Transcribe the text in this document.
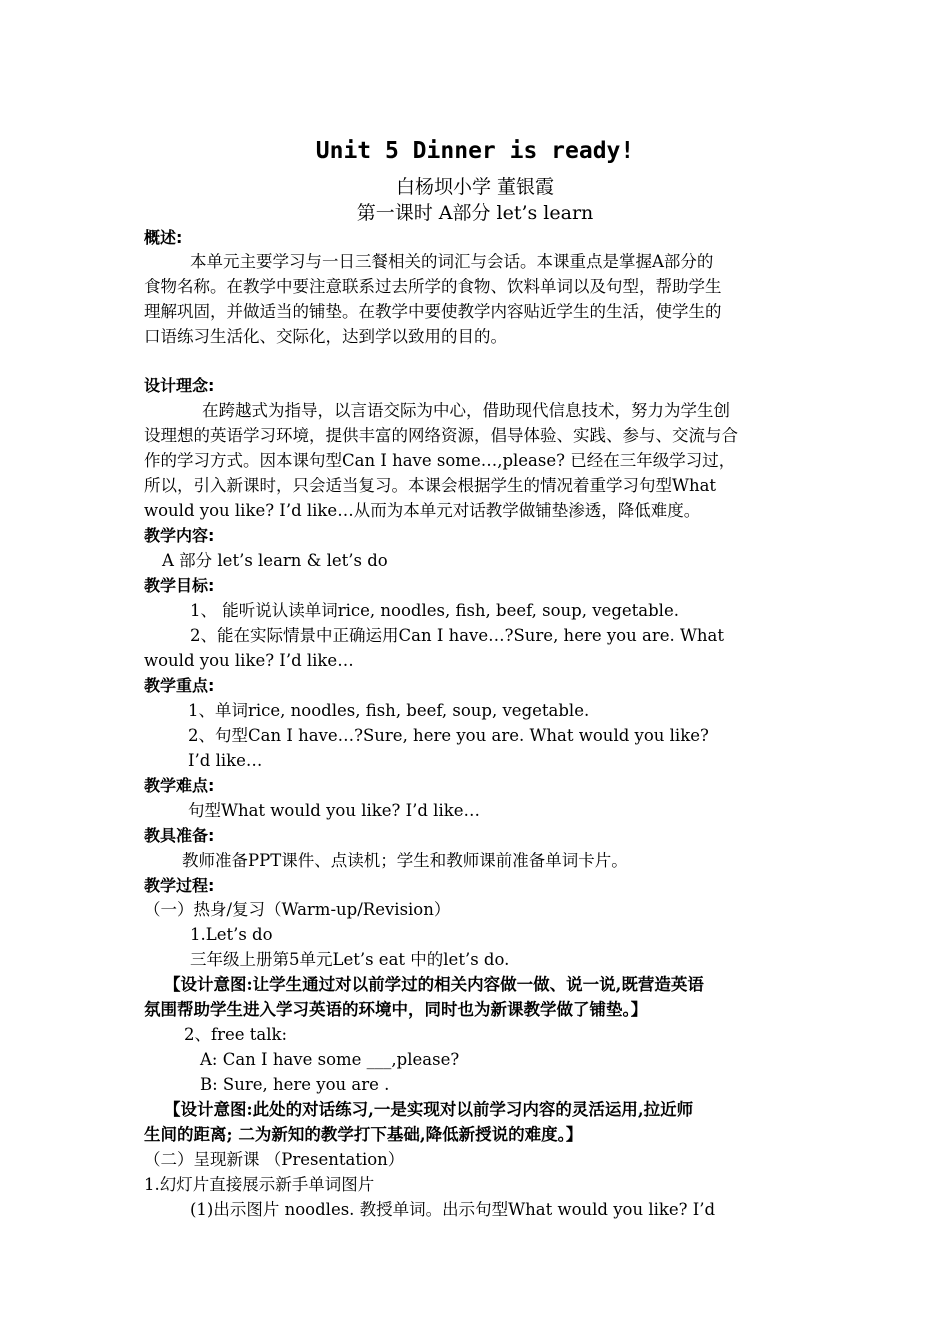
Unit 5 Dinner is ready!
白杨坝小学 董银霞
第一课时 A部分 let’s learn
概述:
本单元主要学习与一日三餐相关的词汇与会话。本课重点是掌握A部分的
食物名称。在教学中要注意联系过去所学的食物、饮料单词以及句型，帮助学生
理解巩固，并做适当的铺垫。在教学中要使教学内容贴近学生的生活，使学生的
口语练习生活化、交际化，达到学以致用的目的。
设计理念:
在跨越式为指导，以言语交际为中心，借助现代信息技术，努力为学生创
设理想的英语学习环境，提供丰富的网络资源，倡导体验、实践、参与、交流与合
作的学习方式。因本课句型Can I have some…,please? 已经在三年级学习过，
所以，引入新课时，只会适当复习。本课会根据学生的情况着重学习句型What
would you like? I’d like…从而为本单元对话教学做铺垫渗透，降低难度。
教学内容:
A 部分 let’s learn & let’s do
教学目标:
1、 能听说认读单词rice, noodles, fish, beef, soup, vegetable.
2、能在实际情景中正确运用Can I have…?Sure, here you are. What
would you like? I’d like…
教学重点:
1、单词rice, noodles, fish, beef, soup, vegetable.
2、句型Can I have…?Sure, here you are. What would you like?
I’d like…
教学难点:
句型What would you like? I’d like…
教具准备:
教师准备PPT课件、点读机；学生和教师课前准备单词卡片。
教学过程:
（一）热身/复习（Warm-up/Revision）
1.Let’s do
三年级上册第5单元Let’s eat 中的let’s do.
【设计意图:让学生通过对以前学过的相关内容做一做、说一说,既营造英语
氛围帮助学生进入学习英语的环境中，同时也为新课教学做了铺垫。】
2、free talk:
A: Can I have some ___,please?
B: Sure, here you are .
【设计意图:此处的对话练习,一是实现对以前学习内容的灵活运用,拉近师
生间的距离; 二为新知的教学打下基础,降低新授说的难度。】
（二）呈现新课 （Presentation）
1.幻灯片直接展示新手单词图片
(1)出示图片 noodles. 教授单词。出示句型What would you like? I’d
